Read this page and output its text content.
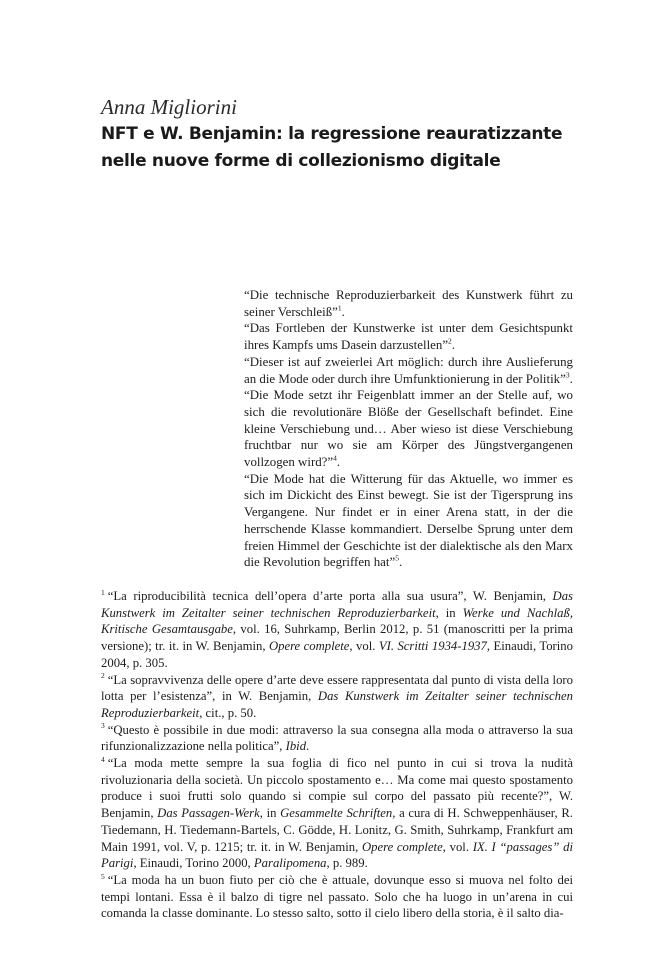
Anna Migliorini
NFT e W. Benjamin: la regressione reauratizzante
nelle nuove forme di collezionismo digitale

“Die technische Reproduzierbarkeit des Kunstwerk führt zu seiner Verschleiß”$^1$.

“Das Fortleben der Kunstwerke ist unter dem Gesichtspunkt ihres Kampfs ums Dasein darzustellen”$^2$.

“Dieser ist auf zweierlei Art möglich: durch ihre Auslieferung an die Mode oder durch ihre Umfunktionierung in der Politik”$^3$.

“Die Mode setzt ihr Feigenblatt immer an der Stelle auf, wo sich die revolutionäre Blöße der Gesellschaft befindet. Eine kleine Verschiebung und… Aber wieso ist diese Verschiebung fruchtbar nur wo sie am Körper des Jüngstvergangenen vollzogen wird?”$^4$.

“Die Mode hat die Witterung für das Aktuelle, wo immer es sich im Dickicht des Einst bewegt. Sie ist der Tigersprung ins Vergangene. Nur findet er in einer Arena statt, in der die herrschende Klasse kommandiert. Derselbe Sprung unter dem freien Himmel der Geschichte ist der dialektische als den Marx die Revolution begriffen hat”$^5$.

$^1$ “La riproducibilità tecnica dell’opera d’arte porta alla sua usura”, W. Benjamin, Das Kunstwerk im Zeitalter seiner technischen Reproduzierbarkeit, in Werke und Nachlaß, Kritische Gesamtausgabe, vol. 16, Suhrkamp, Berlin 2012, p. 51 (manoscritti per la prima versione); tr. it. in W. Benjamin, Opere complete, vol. VI. Scritti 1934-1937, Einaudi, Torino 2004, p. 305.

$^2$ “La sopravvivenza delle opere d’arte deve essere rappresentata dal punto di vista della loro lotta per l’esistenza”, in W. Benjamin, Das Kunstwerk im Zeitalter seiner technischen Reproduzierbarkeit, cit., p. 50.

$^3$ “Questo è possibile in due modi: attraverso la sua consegna alla moda o attraverso la sua rifunzionalizzazione nella politica”, Ibid.

$^4$ “La moda mette sempre la sua foglia di fico nel punto in cui si trova la nudità rivoluzionaria della società. Un piccolo spostamento e… Ma come mai questo spostamento produce i suoi frutti solo quando si compie sul corpo del passato più recente?”, W. Benjamin, Das Passagen-Werk, in Gesammelte Schriften, a cura di H. Schweppenhäuser, R. Tiedemann, H. Tiedemann-Bartels, C. Gödde, H. Lonitz, G. Smith, Suhrkamp, Frankfurt am Main 1991, vol. V, p. 1215; tr. it. in W. Benjamin, Opere complete, vol. IX. I “passages” di Parigi, Einaudi, Torino 2000, Paralipomena, p. 989.

$^5$ “La moda ha un buon fiuto per ciò che è attuale, dovunque esso si muova nel folto dei tempi lontani. Essa è il balzo di tigre nel passato. Solo che ha luogo in un’arena in cui comanda la classe dominante. Lo stesso salto, sotto il cielo libero della storia, è il salto dia-
